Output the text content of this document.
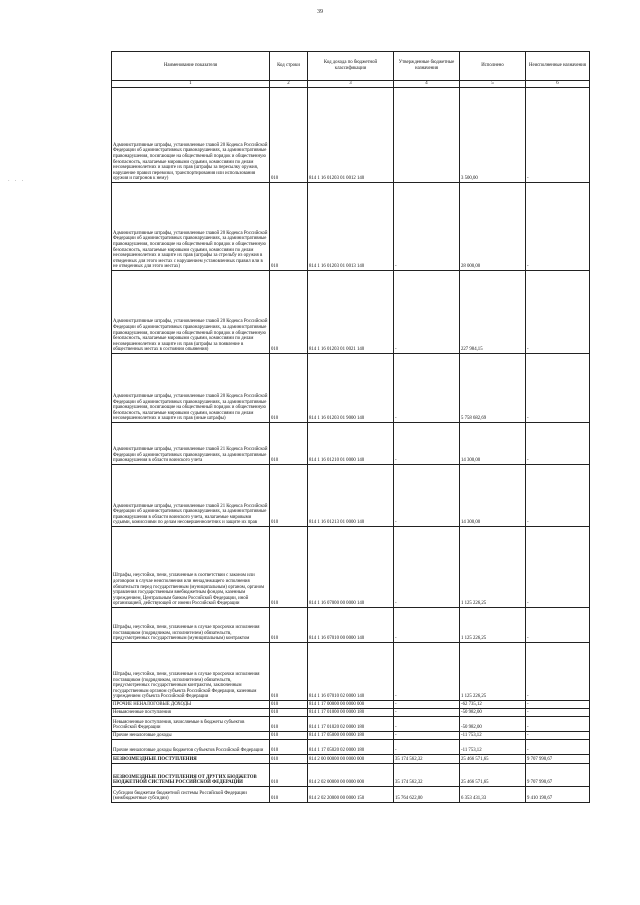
39
· · ·
Наименование показателя	Код строки	Код дохода по бюджетной классификации	Утвержденные бюджетные назначения	Исполнено	Неисполненные назначения
1	2	3	4	5	6
Административные штрафы, установленные главой 20 Кодекса Российской Федерации об административных правонарушениях, за административные правонарушения, посягающие на общественный порядок и общественную безопасность, налагаемые мировыми судьями, комиссиями по делам несовершеннолетних и защите их прав (штрафы за пересылку оружия, нарушение правил перевозки, транспортирования или использования оружия и патронов к нему)	010	814 1 16 01203 01 0012 140		3 500,00	-
Административные штрафы, установленные главой 20 Кодекса Российской Федерации об административных правонарушениях, за административные правонарушения, посягающие на общественный порядок и общественную безопасность, налагаемые мировыми судьями, комиссиями по делам несовершеннолетних и защите их прав (штрафы за стрельбу из оружия в отведенных для этого местах с нарушением установленных правил или в не отведенных для этого местах)	010	814 1 16 01203 01 0013 140	-	28 000,00	-
Административные штрафы, установленные главой 20 Кодекса Российской Федерации об административных правонарушениях, за административные правонарушения, посягающие на общественный порядок и общественную безопасность, налагаемые мировыми судьями, комиссиями по делам несовершеннолетних и защите их прав (штрафы за появление в общественных местах в состоянии опьянения)	010	814 1 16 01203 01 0021 140	-	227 984,15	-
Административные штрафы, установленные главой 20 Кодекса Российской Федерации об административных правонарушениях, за административные правонарушения, посягающие на общественный порядок и общественную безопасность, налагаемые мировыми судьями, комиссиями по делам несовершеннолетних и защите их прав (иные штрафы)	010	814 1 16 01203 01 9000 140	-	5 758 682,69	-
Административные штрафы, установленные главой 21 Кодекса Российской Федерации об административных правонарушениях, за административные правонарушения в области воинского учета	010	814 1 16 01210 01 0000 140	-	14 300,00	-
Административные штрафы, установленные главой 21 Кодекса Российской Федерации об административных правонарушениях, за административные правонарушения в области воинского учета, налагаемые мировыми судьями, комиссиями по делам несовершеннолетних и защите их прав	010	814 1 16 01213 01 0000 140	-	14 300,00	-
Штрафы, неустойки, пени, уплаченные в соответствии с законом или договором в случае неисполнения или ненадлежащего исполнения обязательств перед государственным (муниципальным) органом, органом управления государственным внебюджетным фондом, казенным учреждением, Центральным банком Российской Федерации, иной организацией, действующей от имени Российской Федерации	010	814 1 16 07000 00 0000 140	-	1 125 226,25	-
Штрафы, неустойки, пени, уплаченные в случае просрочки исполнения поставщиком (подрядчиком, исполнителем) обязательств, предусмотренных государственным (муниципальным) контрактом	010	814 1 16 07010 00 0000 140	-	1 125 226,25	-
Штрафы, неустойки, пени, уплаченные в случае просрочки исполнения поставщиком (подрядчиком, исполнителем) обязательств, предусмотренных государственным контрактом, заключенным государственным органом субъекта Российской Федерации, казенным учреждением субъекта Российской Федерации	010	814 1 16 07010 02 0000 140	-	1 125 226,25	-
ПРОЧИЕ НЕНАЛОГОВЫЕ ДОХОДЫ	010	814 1 17 00000 00 0000 000	-	-62 735,12	-
Невыясненные поступления	010	814 1 17 01000 00 0000 180	-	-50 982,00	-
Невыясненные поступления, зачисляемые в бюджеты субъектов Российской Федерации	010	814 1 17 01020 02 0000 180	-	-50 982,00	-
Прочие неналоговые доходы	010	814 1 17 05000 00 0000 180	-	-11 753,12	-
Прочие неналоговые доходы бюджетов субъектов Российской Федерации	010	814 1 17 05020 02 0000 180	-	-11 753,12	-
БЕЗВОЗМЕЗДНЫЕ ПОСТУПЛЕНИЯ	010	814 2 00 00000 00 0000 000	35 174 562,32	25 466 571,65	9 707 990,67
БЕЗВОЗМЕЗДНЫЕ ПОСТУПЛЕНИЯ ОТ ДРУГИХ БЮДЖЕТОВ БЮДЖЕТНОЙ СИСТЕМЫ РОССИЙСКОЙ ФЕДЕРАЦИИ	010	814 2 02 00000 00 0000 000	35 174 562,32	25 466 571,65	9 707 990,67
Субсидии бюджетам бюджетной системы Российской Федерации (межбюджетные субсидии)	010	814 2 02 20000 00 0000 150	15 764 622,00	6 353 431,33	9 410 190,67
